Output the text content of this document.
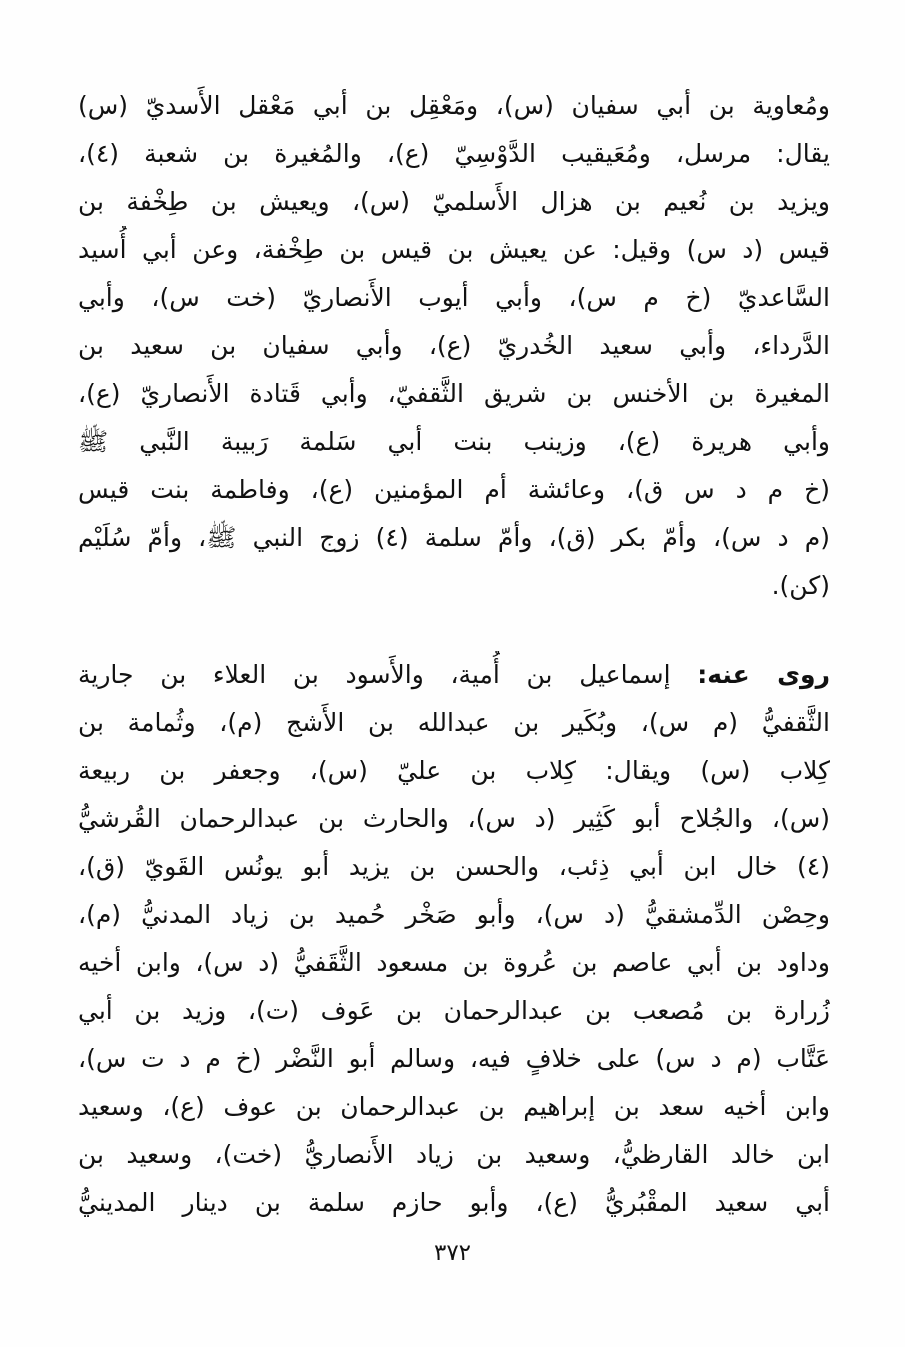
ومُعاوية بن أبي سفيان (س)، ومَعْقِل بن أبي مَعْقل الأَسديّ (س)
يقال: مرسل، ومُعَيقيب الدَّوْسِيّ (ع)، والمُغيرة بن شعبة (٤)،
ويزيد بن نُعيم بن هزال الأَسلميّ (س)، ويعيش بن طِخْفة بن
قيس (د س) وقيل: عن يعيش بن قيس بن طِخْفة، وعن أبي أُسيد
السَّاعديّ (خ م س)، وأبي أيوب الأَنصاريّ (خت س)، وأبي
الدَّرداء، وأبي سعيد الخُدريّ (ع)، وأبي سفيان بن سعيد بن
المغيرة بن الأخنس بن شريق الثَّقفيّ، وأبي قَتادة الأَنصاريّ (ع)،
وأبي هريرة (ع)، وزينب بنت أبي سَلمة رَبيبة النَّبي ﷺ
(خ م د س ق)، وعائشة أم المؤمنين (ع)، وفاطمة بنت قيس
(م د س)، وأمّ بكر (ق)، وأمّ سلمة (٤) زوج النبي ﷺ، وأمّ سُلَيْم
(كن).
روى عنه: إسماعيل بن أُمية، والأَسود بن العلاء بن جارية
الثَّقفيُّ (م س)، وبُكَير بن عبدالله بن الأَشج (م)، وثُمامة بن
كِلاب (س) ويقال: كِلاب بن عليّ (س)، وجعفر بن ربيعة
(س)، والجُلاح أبو كَثِير (د س)، والحارث بن عبدالرحمان القُرشيُّ
(٤) خال ابن أبي ذِئب، والحسن بن يزيد أبو يونُس القَويّ (ق)،
وحِصْن الدِّمشقيُّ (د س)، وأبو صَخْر حُميد بن زياد المدنيُّ (م)،
وداود بن أبي عاصم بن عُروة بن مسعود الثَّقَفيُّ (د س)، وابن أخيه
زُرارة بن مُصعب بن عبدالرحمان بن عَوف (ت)، وزيد بن أبي
عَتَّاب (م د س) على خلافٍ فيه، وسالم أبو النَّضْر (خ م د ت س)،
وابن أخيه سعد بن إبراهيم بن عبدالرحمان بن عوف (ع)، وسعيد
ابن خالد القارظيُّ، وسعيد بن زياد الأَنصاريُّ (خت)، وسعيد بن
أبي سعيد المقْبُريُّ (ع)، وأبو حازم سلمة بن دينار المدينيُّ
٣٧٢
